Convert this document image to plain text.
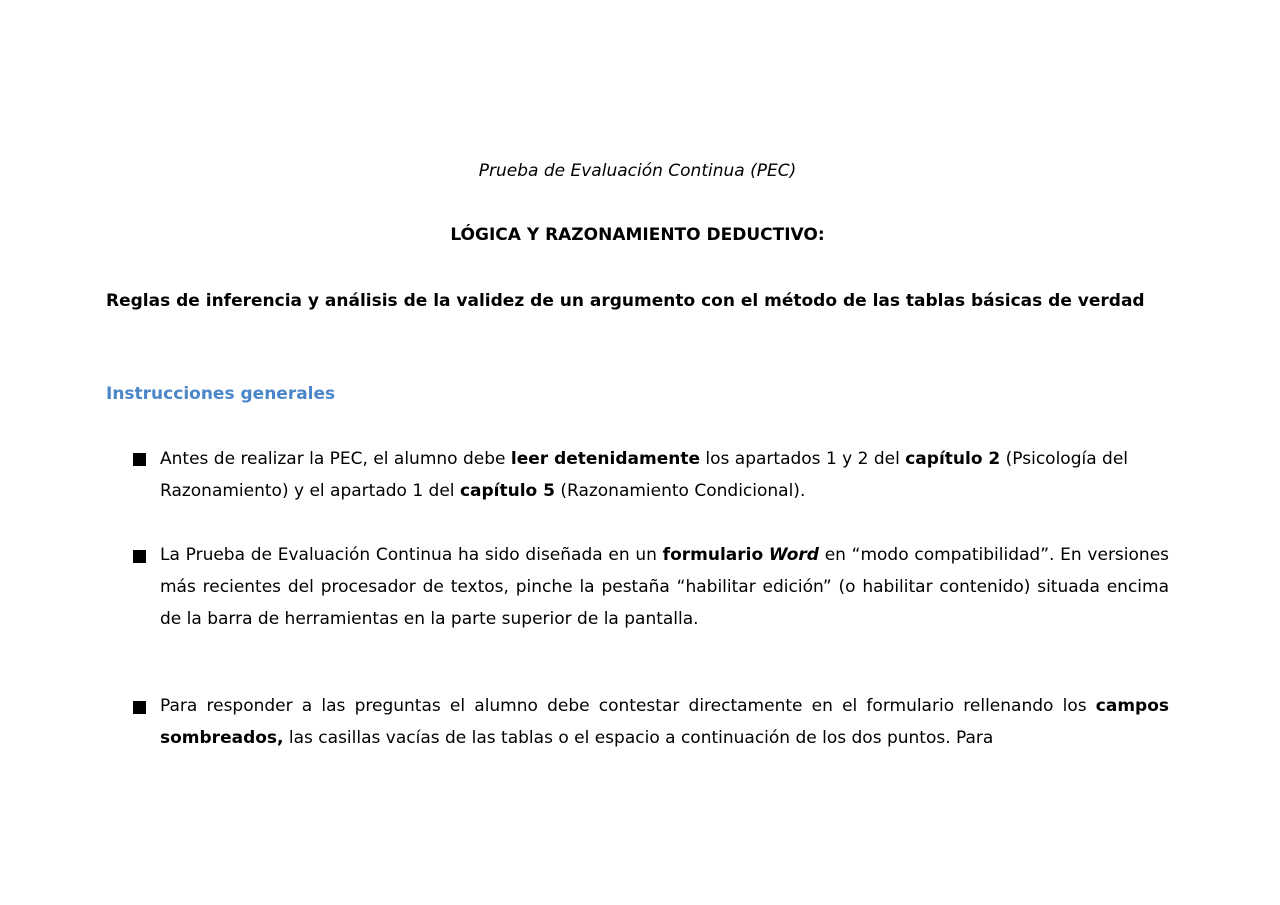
Prueba de Evaluación Continua (PEC)
LÓGICA Y RAZONAMIENTO DEDUCTIVO:
Reglas de inferencia y análisis de la validez de un argumento con el método de las tablas básicas de verdad
Instrucciones generales
Antes de realizar la PEC, el alumno debe leer detenidamente los apartados 1 y 2 del capítulo 2 (Psicología del Razonamiento) y el apartado 1 del capítulo 5 (Razonamiento Condicional).
La Prueba de Evaluación Continua ha sido diseñada en un formulario Word en “modo compatibilidad”. En versiones más recientes del procesador de textos, pinche la pestaña “habilitar edición” (o habilitar contenido) situada encima de la barra de herramientas en la parte superior de la pantalla.
Para responder a las preguntas el alumno debe contestar directamente en el formulario rellenando los campos sombreados, las casillas vacías de las tablas o el espacio a continuación de los dos puntos. Para
